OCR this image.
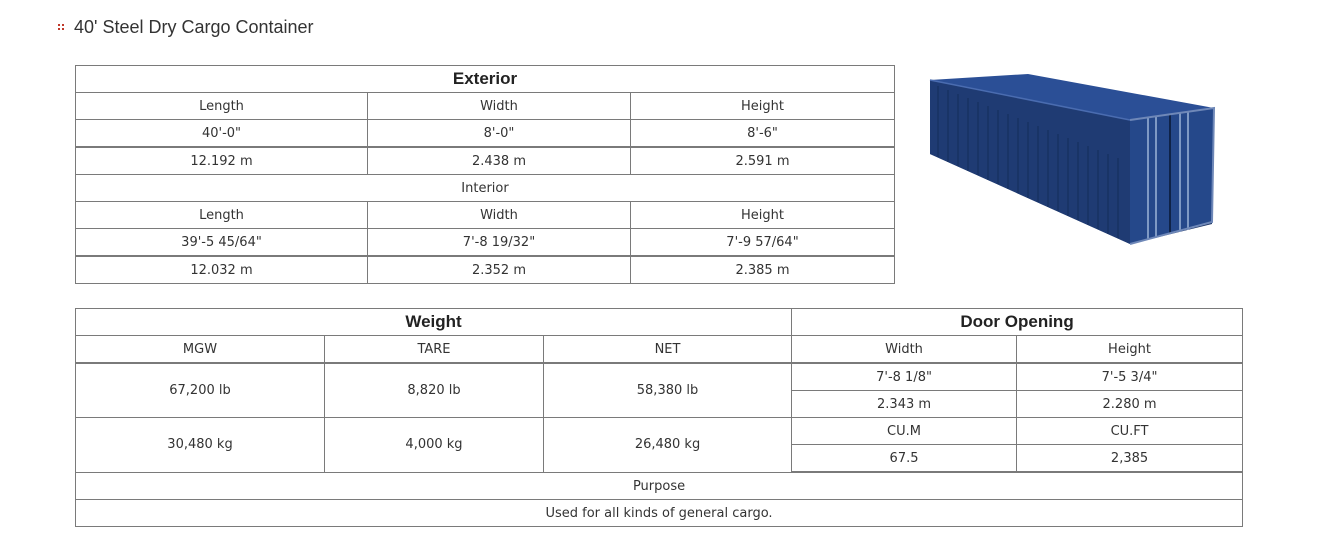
40' Steel Dry Cargo Container
Exterior		
Length	Width	Height
40'-0"	8'-0"	8'-6"
12.192 m	2.438 m	2.591 m
Interior		
Length	Width	Height
39'-5 45/64"	7'-8 19/32"	7'-9 57/64"
12.032 m	2.352 m	2.385 m
Weight			Door Opening	
MGW	TARE	NET	Width	Height
67,200 lb	8,820 lb	58,380 lb	7'-8 1/8"	7'-5 3/4"
			2.343 m	2.280 m
30,480 kg	4,000 kg	26,480 kg	CU.M	CU.FT
			67.5	2,385
Purpose				
Used for all kinds of general cargo.				
